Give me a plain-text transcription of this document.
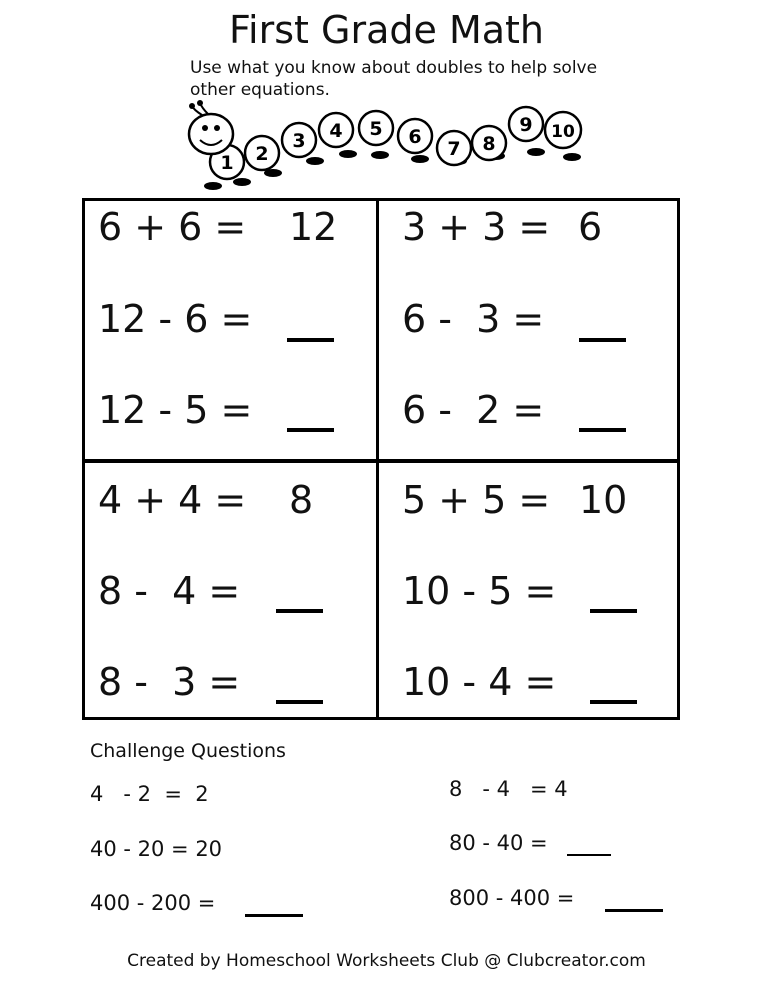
First Grade Math
Use what you know about doubles to help solve other equations.
1 2
3 4 5 6
7 8
9 10
6 + 6 = 12
12 - 6 =
12 - 5 =
3 + 3 = 6
6 -  3 =
6 -  2 =
4 + 4 = 8
8 -  4 =
8 -  3 =
5 + 5 = 10
10 - 5 =
10 - 4 =
Challenge Questions
4   - 2  =  2
40 - 20 = 20
400 - 200 =
8   - 4   = 4
80 - 40 =
800 - 400 =
Created by Homeschool Worksheets Club @ Clubcreator.com
